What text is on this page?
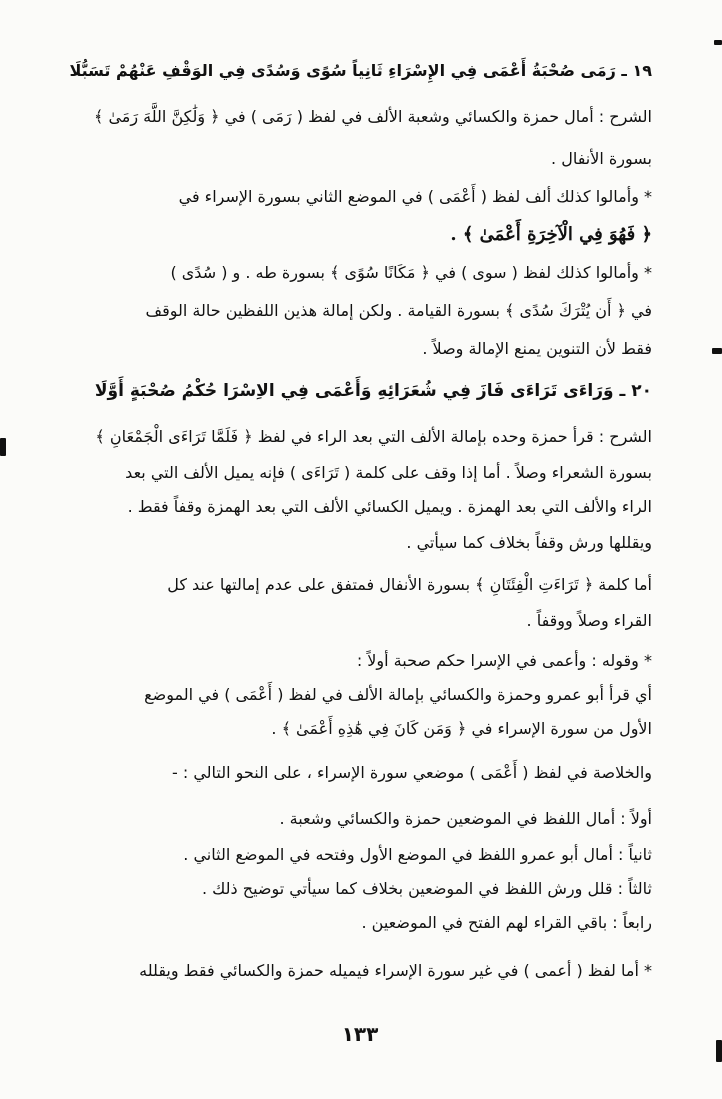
١٩ ـ رَمَى صُحْبَةُ أَعْمَى فِي الإِسْرَاءِ ثَانِياً سُوًى وَسُدًى فِي الوَقْفِ عَنْهُمْ تَسَبُّلَا
الشرح : أمال حمزة والكسائي وشعبة الألف في لفظ ( رَمَى ) في ﴿ وَلَٰكِنَّ اللَّهَ رَمَىٰ ﴾
بسورة الأنفال .
* وأمالوا كذلك ألف لفظ ( أَعْمَى ) في الموضع الثاني بسورة الإسراء في
﴿ فَهُوَ فِي الْآخِرَةِ أَعْمَىٰ ﴾ .
* وأمالوا كذلك لفظ ( سوى ) في ﴿ مَكَانًا سُوًى ﴾ بسورة طه . و ( سُدًى )
في ﴿ أَن يُتْرَكَ سُدًى ﴾ بسورة القيامة . ولكن إمالة هذين اللفظين حالة الوقف
فقط لأن التنوين يمنع الإمالة وصلاً .
٢٠ ـ وَرَاءَى تَرَاءَى فَازَ فِي شُعَرَائِهِ وَأَعْمَى فِي الاِسْرَا حُكْمُ صُحْبَةٍ أَوَّلَا
الشرح : قرأ حمزة وحده بإمالة الألف التي بعد الراء في لفظ ﴿ فَلَمَّا تَرَاءَى الْجَمْعَانِ ﴾
بسورة الشعراء وصلاً . أما إذا وقف على كلمة ( تَرَاءَى ) فإنه يميل الألف التي بعد
الراء والألف التي بعد الهمزة . ويميل الكسائي الألف التي بعد الهمزة وقفاً فقط .
ويقللها ورش وقفاً بخلاف كما سيأتي .
أما كلمة ﴿ تَرَاءَتِ الْفِئَتَانِ ﴾ بسورة الأنفال فمتفق على عدم إمالتها عند كل
القراء وصلاً ووقفاً .
* وقوله : وأعمى في الإسرا حكم صحبة أولاً :
أي قرأ أبو عمرو وحمزة والكسائي بإمالة الألف في لفظ ( أَعْمَى ) في الموضع
الأول من سورة الإسراء في ﴿ وَمَن كَانَ فِي هَٰذِهِ أَعْمَىٰ ﴾ .
والخلاصة في لفظ ( أَعْمَى ) موضعي سورة الإسراء ، على النحو التالي : -
أولاً : أمال اللفظ في الموضعين حمزة والكسائي وشعبة .
ثانياً : أمال أبو عمرو اللفظ في الموضع الأول وفتحه في الموضع الثاني .
ثالثاً : قلل ورش اللفظ في الموضعين بخلاف كما سيأتي توضيح ذلك .
رابعاً : باقي القراء لهم الفتح في الموضعين .
* أما لفظ ( أعمى ) في غير سورة الإسراء فيميله حمزة والكسائي فقط ويقلله
١٣٣
